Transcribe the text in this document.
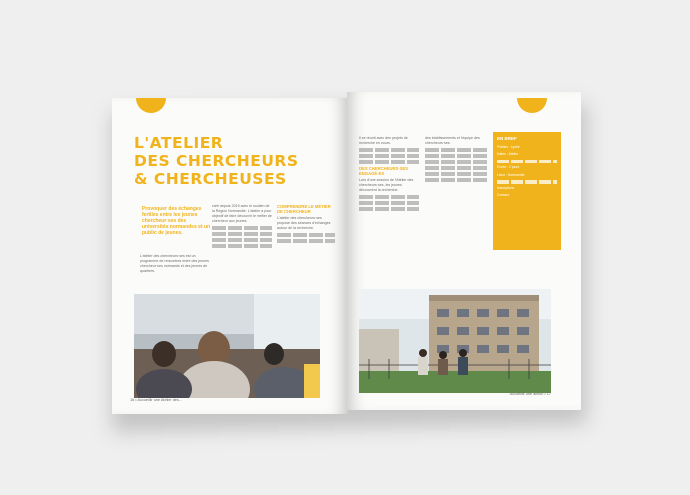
L'ATELIER
DES CHERCHEURS
& CHERCHEUSES
Provoquer des échanges fertiles entre les jeunes chercheur·ses des universités normandes et un public de jeunes.

L'atelier des chercheurs·ses est un programme de rencontres entre des jeunes chercheur·ses normands et des jeunes de quartiers.

créé depuis 2019 avec le soutien de la Région Normandie. L'atelier a pour objectif de faire découvrir le métier de chercheur aux jeunes.

COMPRENDRE LE MÉTIER DE CHERCHEUR

L'atelier des chercheurs·ses propose des séances d'échanges autour de la recherche.

16 • Accueillir une Atelier des...

Il se réunit avec des projets de recherche en cours.

DES CHERCHEURS·SES ENGAGÉ·ES

Lors d'une session de l'Atelier des chercheurs·ses, les jeunes découvrent la recherche.

des établissements et l'équipe des chercheurs·ses.

EN BREF
Publics : Lycée
Dates : Atelier
Durée : 2 jours
Lieux : Normandie
Inscriptions
Contact
Accueillir une action • 17
